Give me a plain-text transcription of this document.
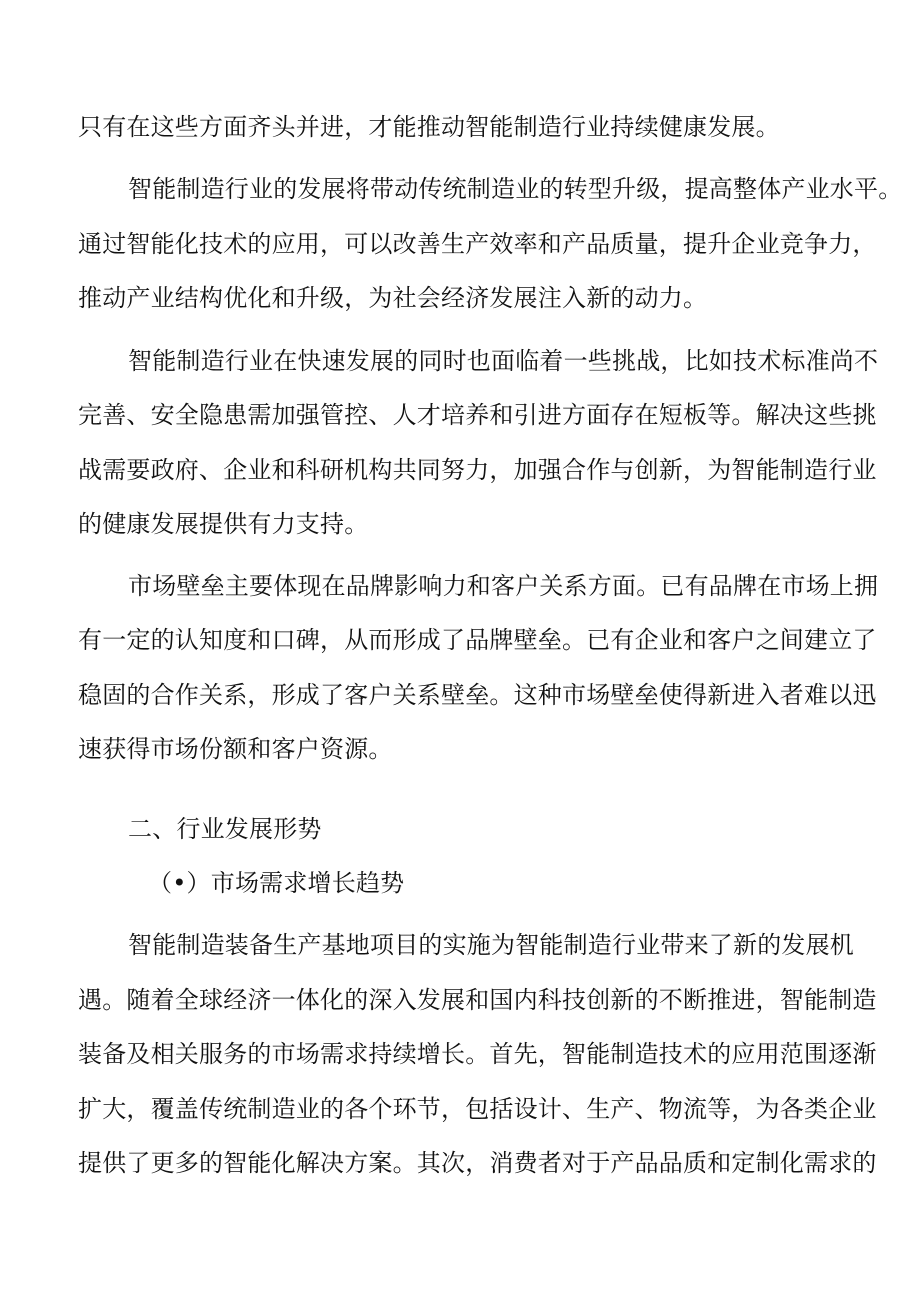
只有在这些方面齐头并进，才能推动智能制造行业持续健康发展。
智能制造行业的发展将带动传统制造业的转型升级，提高整体产业水平。
通过智能化技术的应用，可以改善生产效率和产品质量，提升企业竞争力，
推动产业结构优化和升级，为社会经济发展注入新的动力。
智能制造行业在快速发展的同时也面临着一些挑战，比如技术标准尚不
完善、安全隐患需加强管控、人才培养和引进方面存在短板等。解决这些挑
战需要政府、企业和科研机构共同努力，加强合作与创新，为智能制造行业
的健康发展提供有力支持。
市场壁垒主要体现在品牌影响力和客户关系方面。已有品牌在市场上拥
有一定的认知度和口碑，从而形成了品牌壁垒。已有企业和客户之间建立了
稳固的合作关系，形成了客户关系壁垒。这种市场壁垒使得新进入者难以迅
速获得市场份额和客户资源。
二、行业发展形势
（•）市场需求增长趋势
智能制造装备生产基地项目的实施为智能制造行业带来了新的发展机
遇。随着全球经济一体化的深入发展和国内科技创新的不断推进，智能制造
装备及相关服务的市场需求持续增长。首先，智能制造技术的应用范围逐渐
扩大，覆盖传统制造业的各个环节，包括设计、生产、物流等，为各类企业
提供了更多的智能化解决方案。其次，消费者对于产品品质和定制化需求的
